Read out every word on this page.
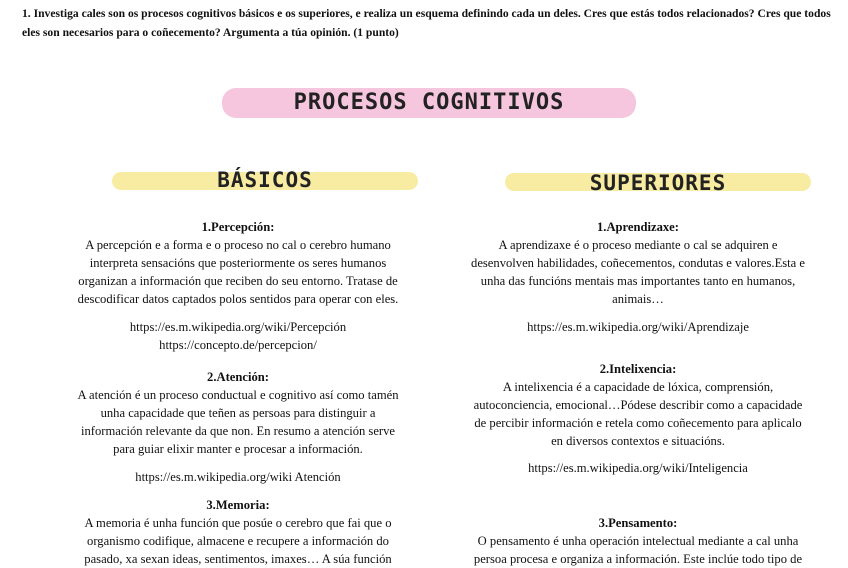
1. Investiga cales son os procesos cognitivos básicos e os superiores, e realiza un esquema definindo cada un deles. Cres que estás todos relacionados? Cres que todos eles son necesarios para o coñecemento? Argumenta a túa opinión. (1 punto)
PROCESOS COGNITIVOS
BÁSICOS	SUPERIORES

1.Percepción:

A percepción e a forma e o proceso no cal o cerebro humano

interpreta sensacións que posteriormente os seres humanos

organizan a información que reciben do seu entorno. Tratase de

descodificar datos captados polos sentidos para operar con eles.

https://es.m.wikipedia.org/wiki/Percepción

https://concepto.de/percepcion/

2.Atención:

A atención é un proceso conductual e cognitivo así como tamén

unha capacidade que teñen as persoas para distinguir a

información relevante da que non. En resumo a atención serve

para guiar elixir manter e procesar a información.

https://es.m.wikipedia.org/wiki Atención

3.Memoria:

A memoria é unha función que posúe o cerebro que fai que o

organismo codifique, almacene e recupere a información do

pasado, xa sexan ideas, sentimentos, imaxes… A súa función

1.Aprendizaxe:

A aprendizaxe é o proceso mediante o cal se adquiren e

desenvolven habilidades, coñecementos, condutas e valores.Esta e

unha das funcións mentais mas importantes tanto en humanos,

animais…

https://es.m.wikipedia.org/wiki/Aprendizaje

2.Intelixencia:

A intelixencia é a capacidade de lóxica, comprensión,

autoconciencia, emocional…Pódese describir como a capacidade

de percibir información e retela como coñecemento para aplicalo

en diversos contextos e situacións.

https://es.m.wikipedia.org/wiki/Inteligencia

3.Pensamento:

O pensamento é unha operación intelectual mediante a cal unha

persoa procesa e organiza a información. Este inclúe todo tipo de
